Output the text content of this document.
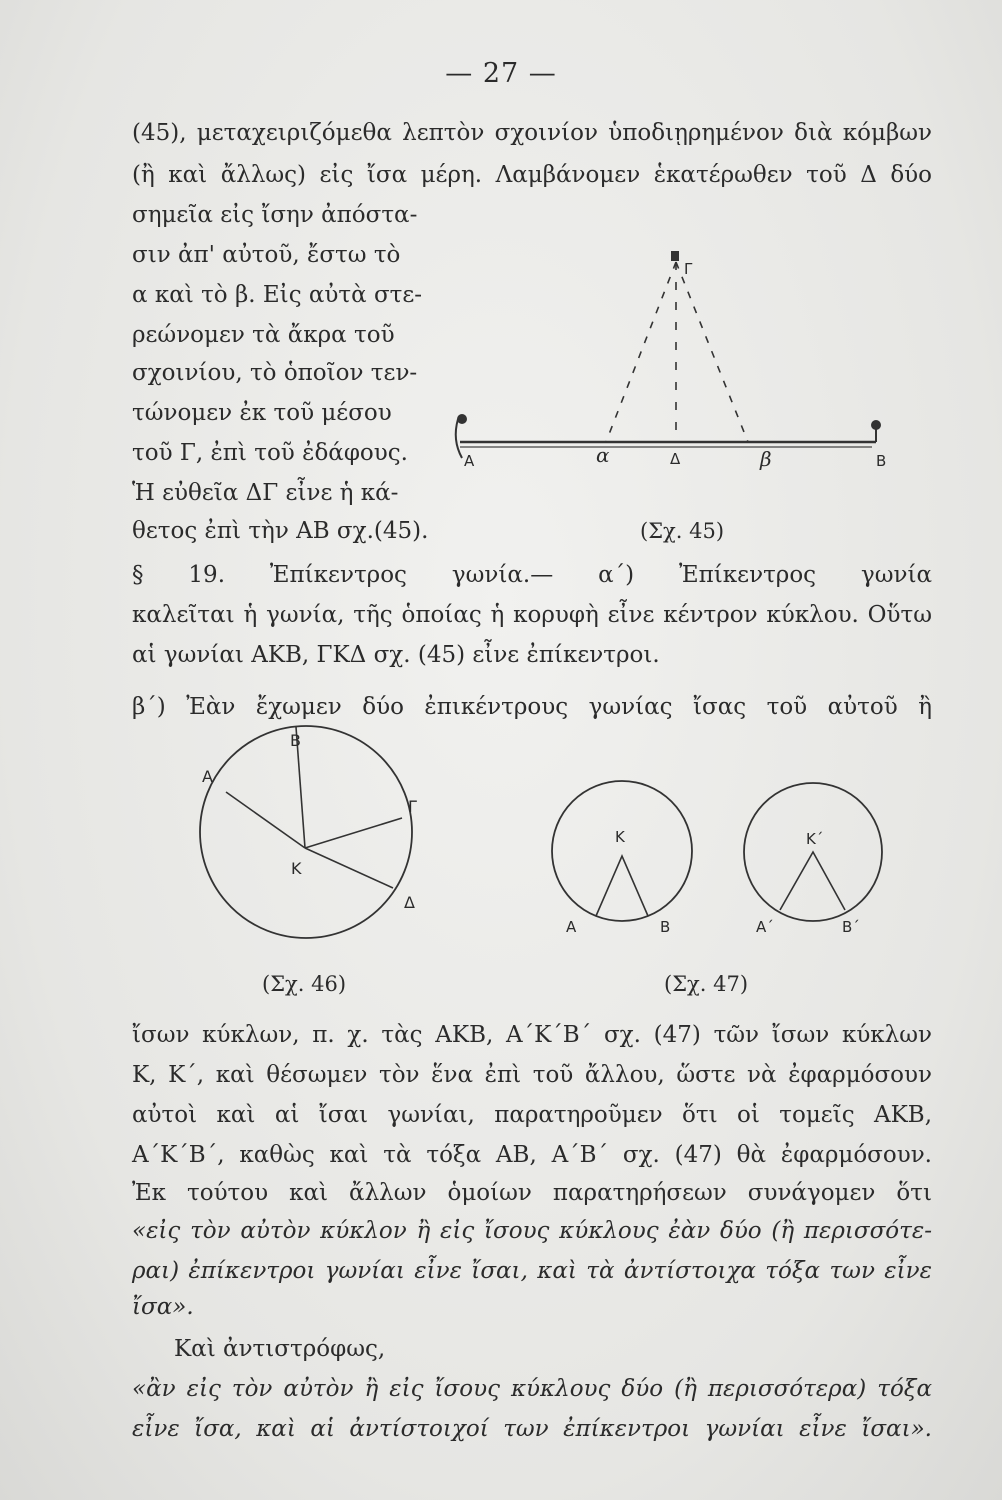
— 27 —
(45), μεταχειριζόμεθα λεπτὸν σχοινίον ὑποδιῃρημένον διὰ κόμβων
(ἢ καὶ ἄλλως) εἰς ἴσα μέρη. Λαμβάνομεν ἑκατέρωθεν τοῦ Δ δύο
σημεῖα εἰς ἴσην ἀπόστα-
σιν ἀπ' αὐτοῦ, ἔστω τὸ
α καὶ τὸ β. Εἰς αὐτὰ στε-
ρεώνομεν τὰ ἄκρα τοῦ
σχοινίου, τὸ ὁποῖον τεν-
τώνομεν ἐκ τοῦ μέσου
τοῦ Γ, ἐπὶ τοῦ ἐδάφους.
Ἡ εὐθεῖα ΔΓ εἶνε ἡ κά-
θετος ἐπὶ τὴν ΑΒ σχ.(45).
Γ
Α	α	Δ	β	Β
(Σχ. 45)
§ 19. Ἐπίκεντρος γωνία.— α΄) Ἐπίκεντρος γωνία
καλεῖται ἡ γωνία, τῆς ὁποίας ἡ κορυφὴ εἶνε κέντρον κύκλου. Οὕτω
αἱ γωνίαι ΑΚΒ, ΓΚΔ σχ. (45) εἶνε ἐπίκεντροι.
β΄) Ἐὰν ἔχωμεν δύο ἐπικέντρους γωνίας ἴσας τοῦ αὐτοῦ ἢ
Α
Β
Γ
Κ
Δ
Κ
Α	Β
Κ΄
Α΄	Β΄
(Σχ. 46)	(Σχ. 47)
ἴσων κύκλων, π. χ. τὰς ΑΚΒ, Α΄Κ΄Β΄ σχ. (47) τῶν ἴσων κύκλων
Κ, Κ΄, καὶ θέσωμεν τὸν ἕνα ἐπὶ τοῦ ἄλλου, ὥστε νὰ ἐφαρμόσουν
αὐτοὶ καὶ αἱ ἴσαι γωνίαι, παρατηροῦμεν ὅτι οἱ τομεῖς ΑΚΒ,
Α΄Κ΄Β΄, καθὼς καὶ τὰ τόξα ΑΒ, Α΄Β΄ σχ. (47) θὰ ἐφαρμόσουν.
Ἐκ τούτου καὶ ἄλλων ὁμοίων παρατηρήσεων συνάγομεν ὅτι
«εἰς τὸν αὐτὸν κύκλον ἢ εἰς ἴσους κύκλους ἐὰν δύο (ἢ περισσότε-
ραι) ἐπίκεντροι γωνίαι εἶνε ἴσαι, καὶ τὰ ἀντίστοιχα τόξα των εἶνε
ἴσα».
Καὶ ἀντιστρόφως,
«ἂν εἰς τὸν αὐτὸν ἢ εἰς ἴσους κύκλους δύο (ἢ περισσότερα) τόξα
εἶνε ἴσα, καὶ αἱ ἀντίστοιχοί των ἐπίκεντροι γωνίαι εἶνε ἴσαι».
